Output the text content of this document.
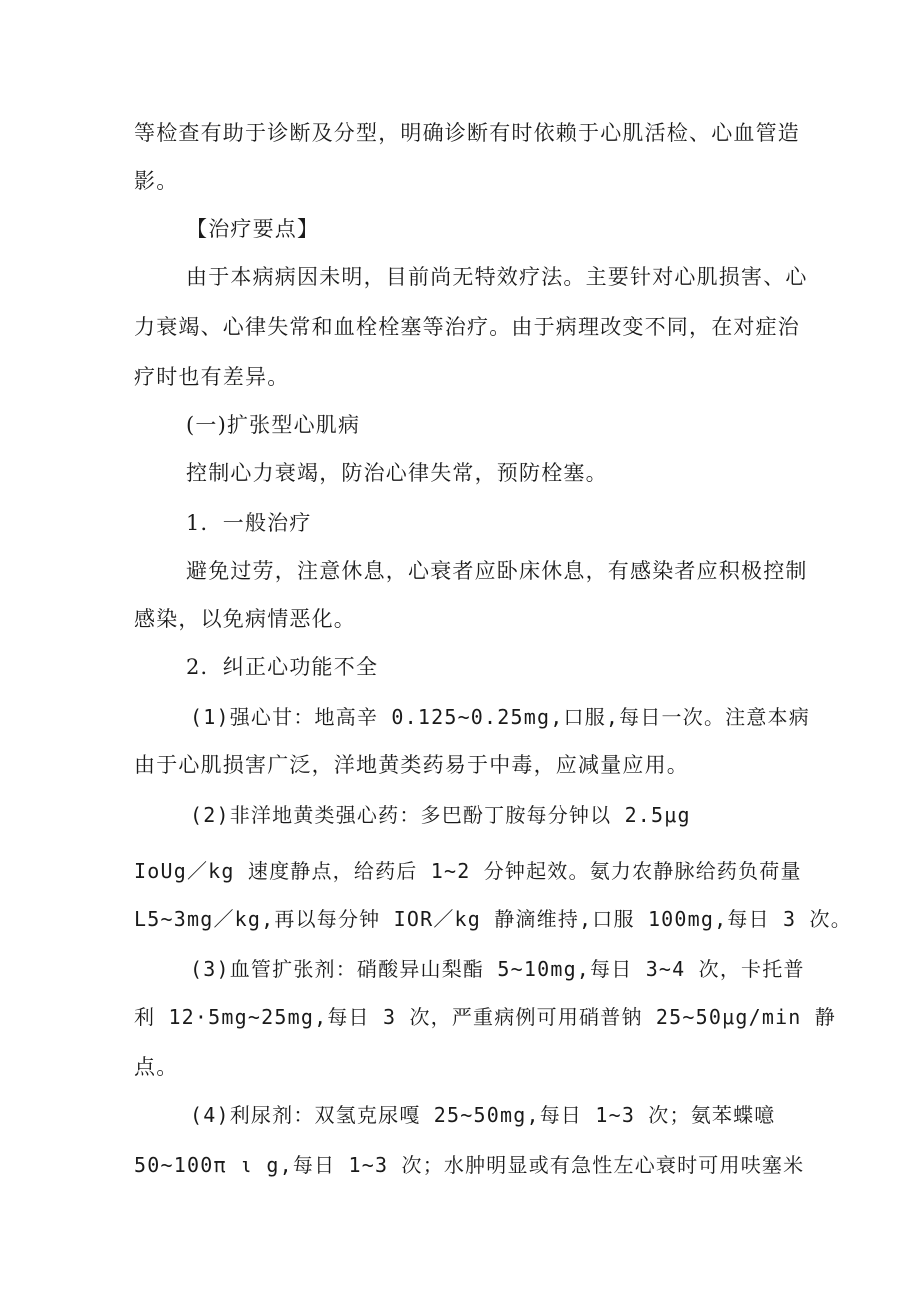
等检查有助于诊断及分型，明确诊断有时依赖于心肌活检、心血管造
影。
【治疗要点】
由于本病病因未明，目前尚无特效疗法。主要针对心肌损害、心
力衰竭、心律失常和血栓栓塞等治疗。由于病理改变不同，在对症治
疗时也有差异。
(一)扩张型心肌病
控制心力衰竭，防治心律失常，预防栓塞。
1．一般治疗
避免过劳，注意休息，心衰者应卧床休息，有感染者应积极控制
感染，以免病情恶化。
2．纠正心功能不全
(1)强心甘：地高辛 0.125~0.25mg,口服,每日一次。注意本病
由于心肌损害广泛，洋地黄类药易于中毒，应减量应用。
(2)非洋地黄类强心药：多巴酚丁胺每分钟以 2.5μg
IoUg／kg 速度静点，给药后 1~2 分钟起效。氨力农静脉给药负荷量
L5~3mg／kg,再以每分钟 IOR／kg 静滴维持,口服 100mg,每日 3 次。
(3)血管扩张剂：硝酸异山梨酯 5~10mg,每日 3~4 次，卡托普
利 12·5mg~25mg,每日 3 次，严重病例可用硝普钠 25~50μg/min 静
点。
(4)利尿剂：双氢克尿嘎 25~50mg,每日 1~3 次；氨苯蝶噫
50~100π ι g,每日 1~3 次；水肿明显或有急性左心衰时可用呋塞米
